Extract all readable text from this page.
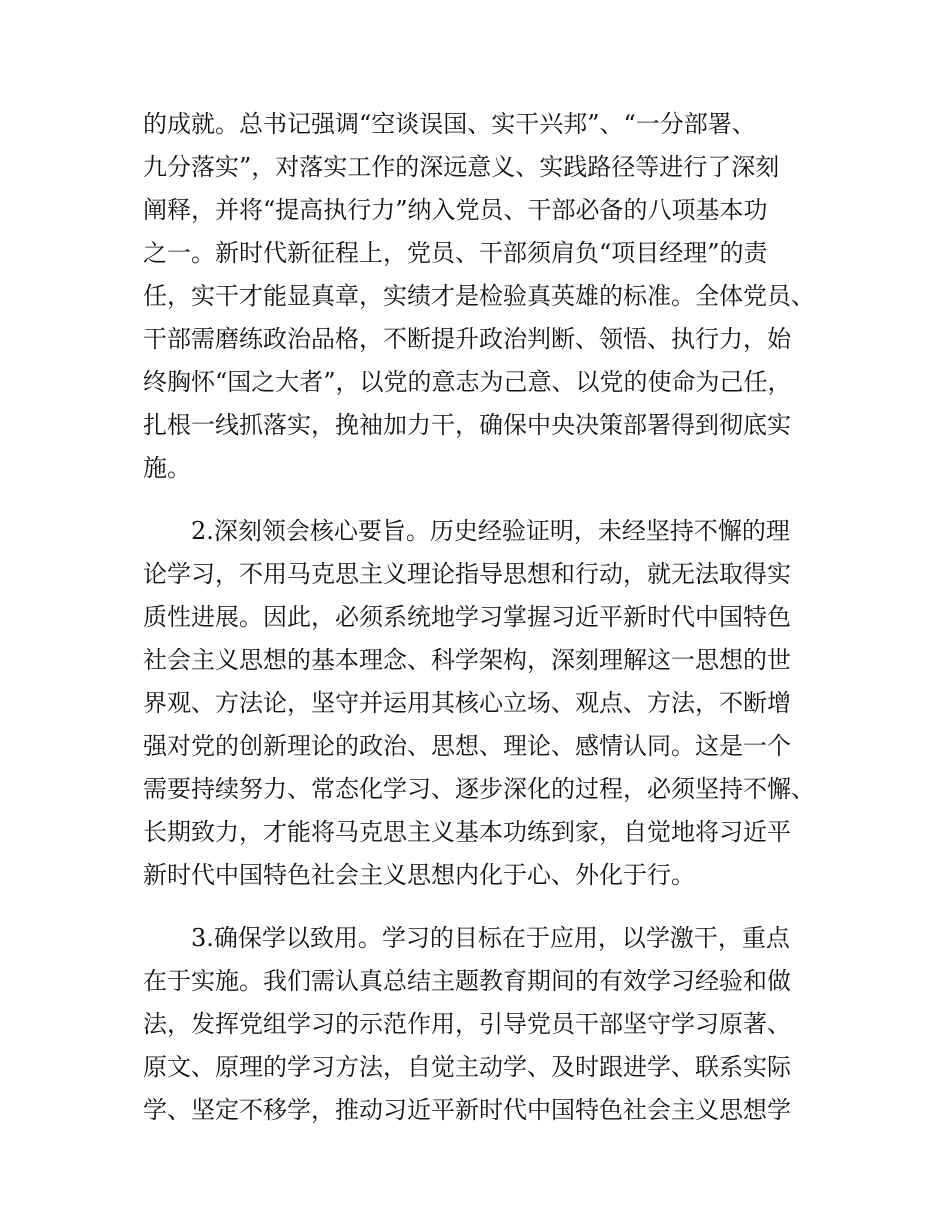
的成就。总书记强调“空谈误国、实干兴邦”、“一分部署、
九分落实”，对落实工作的深远意义、实践路径等进行了深刻
阐释，并将“提高执行力”纳入党员、干部必备的八项基本功
之一。新时代新征程上，党员、干部须肩负“项目经理”的责
任，实干才能显真章，实绩才是检验真英雄的标准。全体党员、
干部需磨练政治品格，不断提升政治判断、领悟、执行力，始
终胸怀“国之大者”，以党的意志为己意、以党的使命为己任，
扎根一线抓落实，挽袖加力干，确保中央决策部署得到彻底实
施。

2.深刻领会核心要旨。历史经验证明，未经坚持不懈的理
论学习，不用马克思主义理论指导思想和行动，就无法取得实
质性进展。因此，必须系统地学习掌握习近平新时代中国特色
社会主义思想的基本理念、科学架构，深刻理解这一思想的世
界观、方法论，坚守并运用其核心立场、观点、方法，不断增
强对党的创新理论的政治、思想、理论、感情认同。这是一个
需要持续努力、常态化学习、逐步深化的过程，必须坚持不懈、
长期致力，才能将马克思主义基本功练到家，自觉地将习近平
新时代中国特色社会主义思想内化于心、外化于行。

3.确保学以致用。学习的目标在于应用，以学激干，重点
在于实施。我们需认真总结主题教育期间的有效学习经验和做
法，发挥党组学习的示范作用，引导党员干部坚守学习原著、
原文、原理的学习方法，自觉主动学、及时跟进学、联系实际
学、坚定不移学，推动习近平新时代中国特色社会主义思想学
